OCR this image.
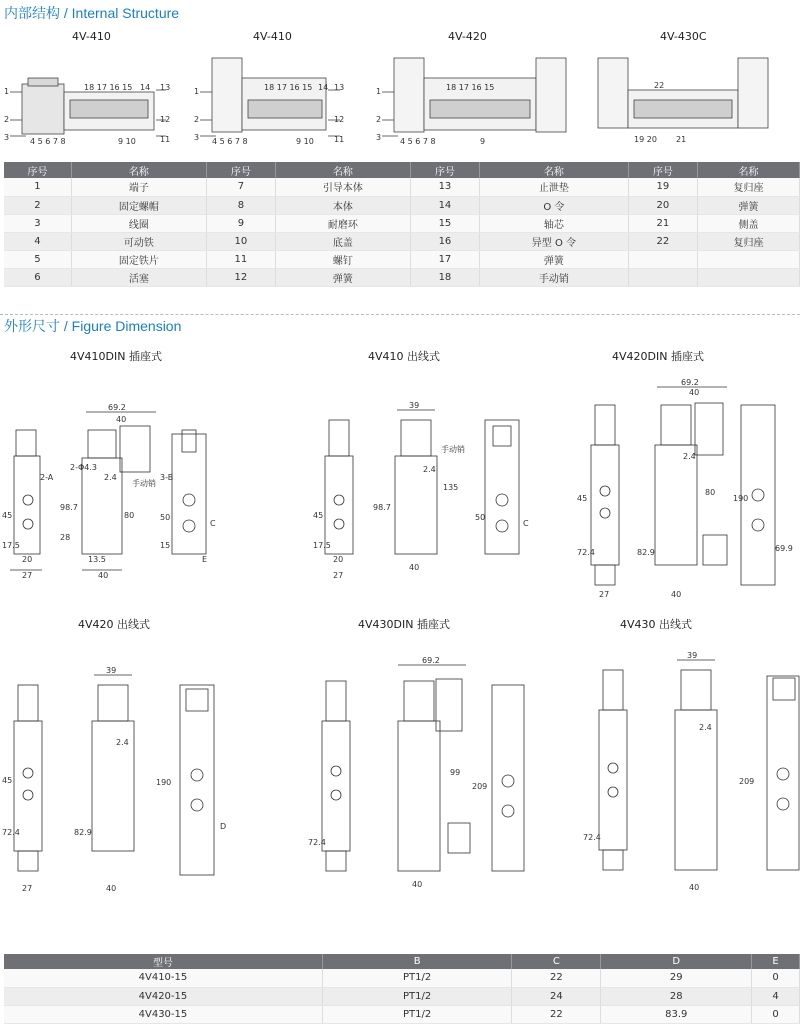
内部结构 / Internal Structure
4V-410	4V-410	4V-420	4V-430C
1
2
3
18 17 16 15 14 13
12
11
4 5 6 7 8	9 10
1
2
3
18 17 16 15 14 13
12
11
4 5 6 7 8	9 10
1
2
3
18 17 16 15
4 5 6 7 8	9
22
19 20 21
序号	名称	序号	名称	序号	名称	序号	名称
1	端子	7	引导本体	13	止泄垫	19	复归座
2	固定螺帽	8	本体	14	O 令	20	弹簧
3	线圈	9	耐磨环	15	轴芯	21	侧盖
4	可动铁	10	底盖	16	异型 O 令	22	复归座
5	固定铁片	11	螺钉	17	弹簧		
6	活塞	12	弹簧	18	手动销		
外形尺寸 / Figure Dimension
4V410DIN 插座式	4V410 出线式	4V420DIN 插座式
4V420 出线式	4V430DIN 插座式	4V430 出线式
69.2
40
40
13.5
20
27
45
17.5
98.7
28
80
2.4
手动销
2-A	3-B
2-Φ4.3
50
15
C
E
39
40
20
27
45
17.5
98.7
135
手动销
2.4
50
C
69.2
40
40
27
45
72.4	82.9
80
190
69.9
2.4
39
40
27
45
72.4	82.9
190
2.4
D
69.2
40
99
209
72.4
39
40
209
2.4
72.4
型号	B	C	D	E
4V410-15	PT1/2	22	29	0
4V420-15	PT1/2	24	28	4
4V430-15	PT1/2	22	83.9	0
